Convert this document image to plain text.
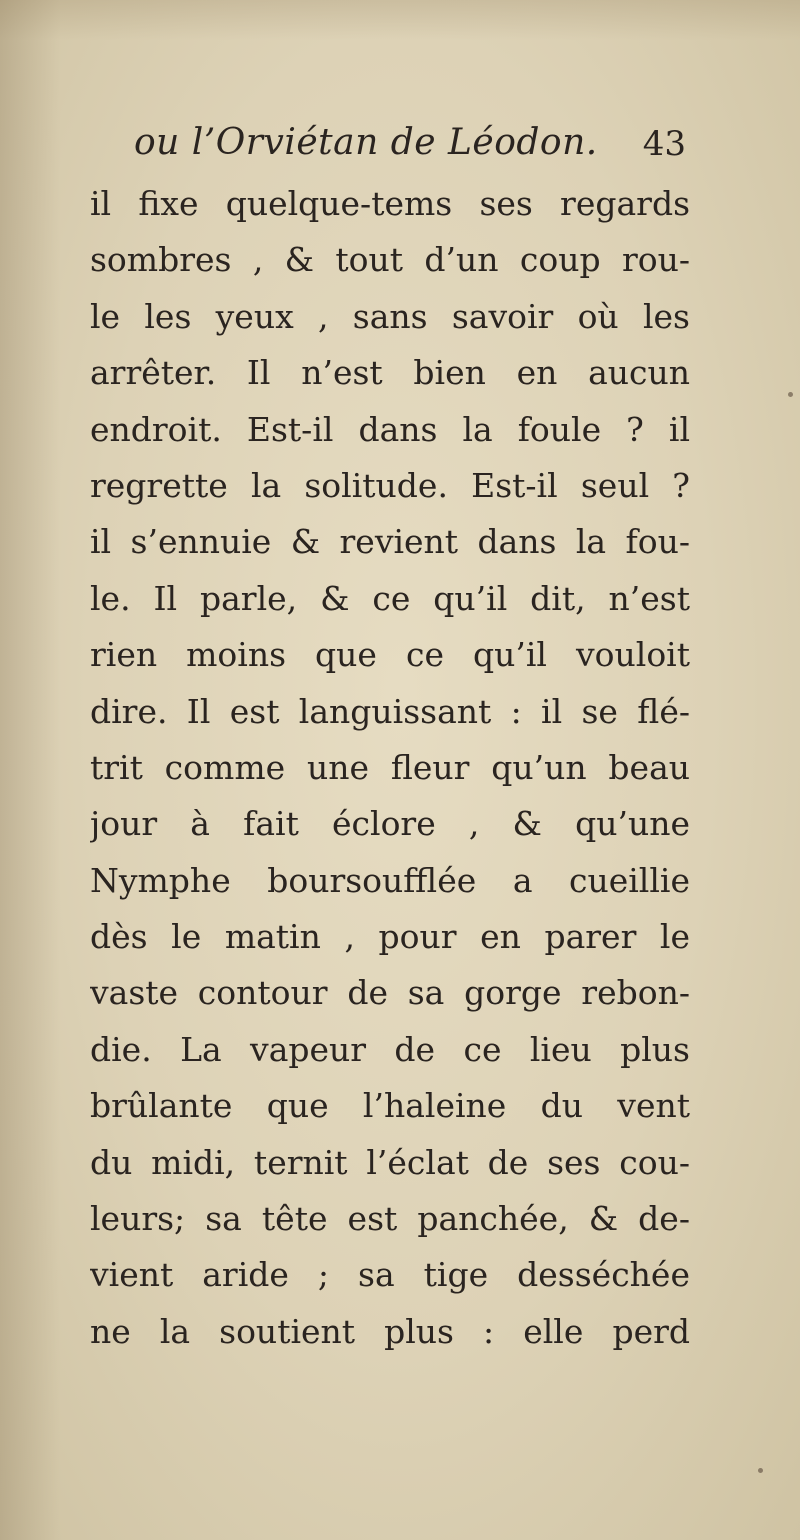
ou l’Orviétan de Léodon. 43
il fixe quelque-tems ses regards
sombres , & tout d’un coup rou-
le les yeux , sans savoir où les
arrêter. Il n’est bien en aucun
endroit. Est-il dans la foule ? il
regrette la solitude. Est-il seul ?
il s’ennuie & revient dans la fou-
le. Il parle, & ce qu’il dit, n’est
rien moins que ce qu’il vouloit
dire. Il est languissant : il se flé-
trit comme une fleur qu’un beau
jour à fait éclore , & qu’une
Nymphe boursoufflée a cueillie
dès le matin , pour en parer le
vaste contour de sa gorge rebon-
die. La vapeur de ce lieu plus
brûlante que l’haleine du vent
du midi, ternit l’éclat de ses cou-
leurs; sa tête est panchée, & de-
vient aride ; sa tige desséchée
ne la soutient plus : elle perd
